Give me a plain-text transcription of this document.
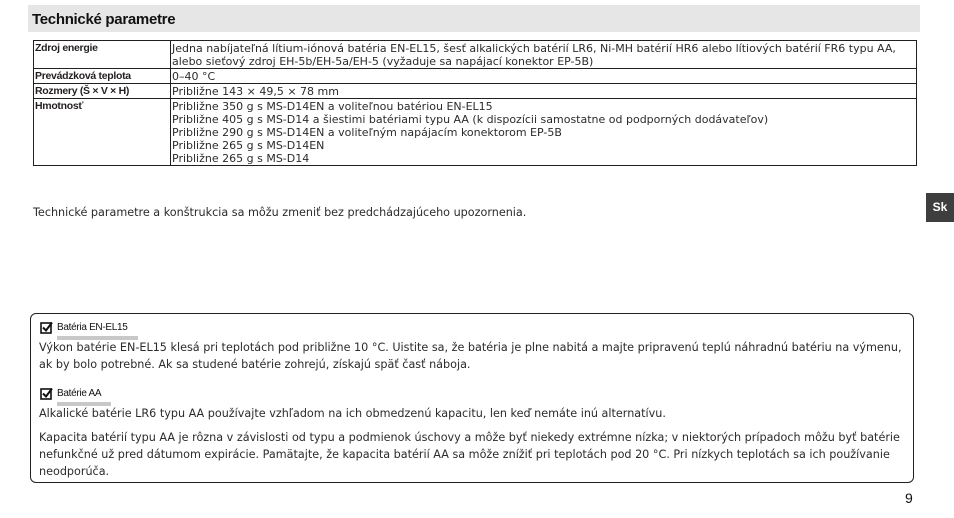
Technické parametre
Zdroj energie	Jedna nabíjateľná lítium-iónová batéria EN-EL15, šesť alkalických batérií LR6, Ni-MH batérií HR6 alebo lítiových batérií FR6 typu AA,
alebo sieťový zdroj EH-5b/EH-5a/EH-5 (vyžaduje sa napájací konektor EP-5B)

Prevádzková teplota	0–40 °C

Rozmery (Š × V × H)	Približne 143 × 49,5 × 78 mm

Hmotnosť	Približne 350 g s MS-D14EN a voliteľnou batériou EN-EL15
Približne 405 g s MS-D14 a šiestimi batériami typu AA (k dispozícii samostatne od podporných dodávateľov)
Približne 290 g s MS-D14EN a voliteľným napájacím konektorom EP-5B
Približne 265 g s MS-D14EN
Približne 265 g s MS-D14
Technické parametre a konštrukcia sa môžu zmeniť bez predchádzajúceho upozornenia.	Sk
Batéria EN-EL15

Výkon batérie EN-EL15 klesá pri teplotách pod približne 10 °C. Uistite sa, že batéria je plne nabitá a majte pripravenú teplú náhradnú batériu na výmenu, ak by bolo potrebné. Ak sa studené batérie zohrejú, získajú späť časť náboja.

Batérie AA

Alkalické batérie LR6 typu AA používajte vzhľadom na ich obmedzenú kapacitu, len keď nemáte inú alternatívu.

Kapacita batérií typu AA je rôzna v závislosti od typu a podmienok úschovy a môže byť niekedy extrémne nízka; v niektorých prípadoch môžu byť batérie nefunkčné už pred dátumom expirácie. Pamätajte, že kapacita batérií AA sa môže znížiť pri teplotách pod 20 °C. Pri nízkych teplotách sa ich používanie neodporúča.

9
